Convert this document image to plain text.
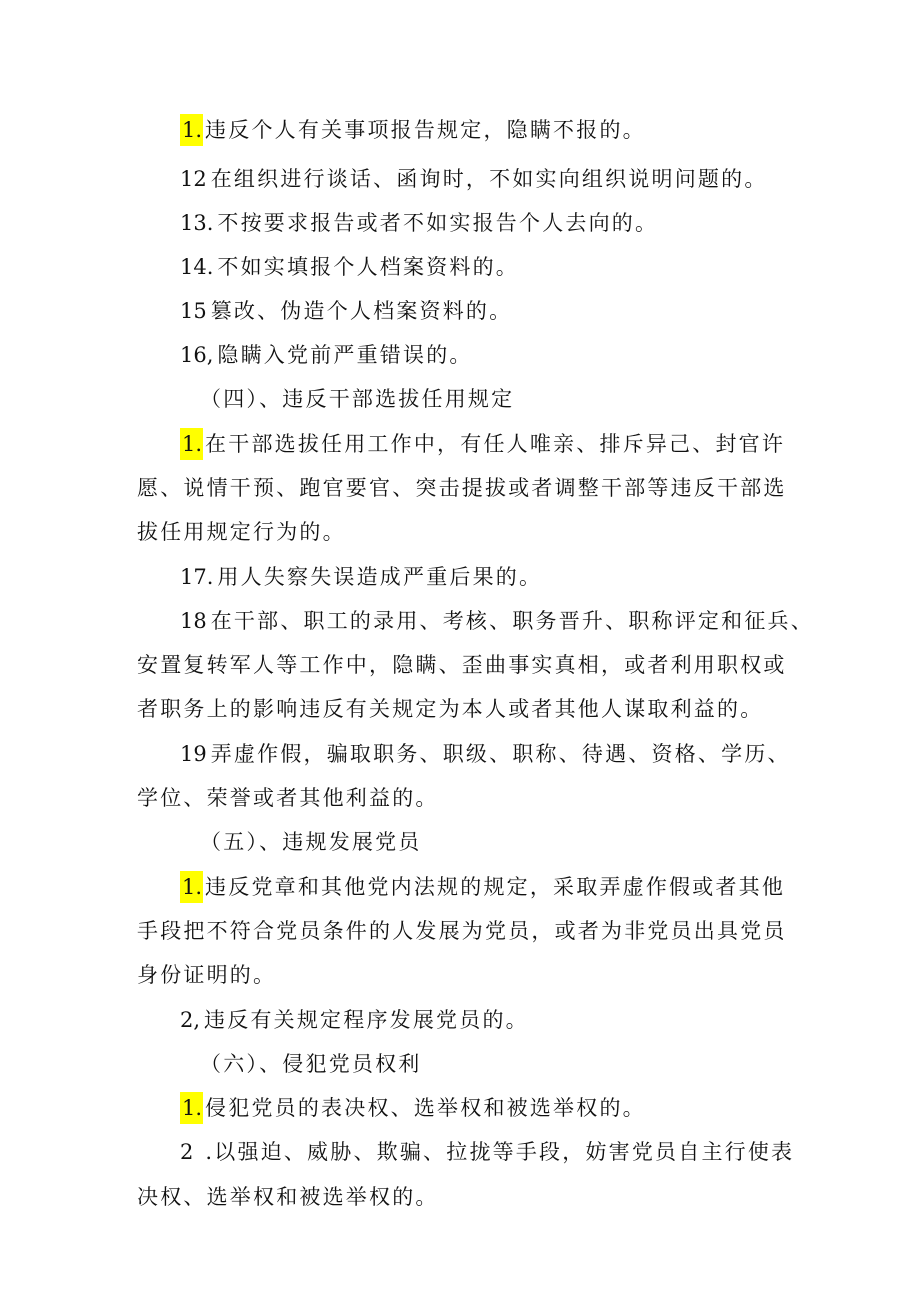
1. 违反个人有关事项报告规定，隐瞒不报的。
12 在组织进行谈话、函询时，不如实向组织说明问题的。
13. 不按要求报告或者不如实报告个人去向的。
14. 不如实填报个人档案资料的。
15 篡改、伪造个人档案资料的。
16, 隐瞒入党前严重错误的。
（四）、违反干部选拔任用规定
1. 在干部选拔任用工作中，有任人唯亲、排斥异己、封官许
愿、说情干预、跑官要官、突击提拔或者调整干部等违反干部选
拔任用规定行为的。
17. 用人失察失误造成严重后果的。
18 在干部、职工的录用、考核、职务晋升、职称评定和征兵、
安置复转军人等工作中，隐瞒、歪曲事实真相，或者利用职权或
者职务上的影响违反有关规定为本人或者其他人谋取利益的。
19 弄虚作假，骗取职务、职级、职称、待遇、资格、学历、
学位、荣誉或者其他利益的。
（五）、违规发展党员
1. 违反党章和其他党内法规的规定，采取弄虚作假或者其他
手段把不符合党员条件的人发展为党员，或者为非党员出具党员
身份证明的。
2, 违反有关规定程序发展党员的。
（六）、侵犯党员权利
1. 侵犯党员的表决权、选举权和被选举权的。
2 .以强迫、威胁、欺骗、拉拢等手段，妨害党员自主行使表
决权、选举权和被选举权的。
